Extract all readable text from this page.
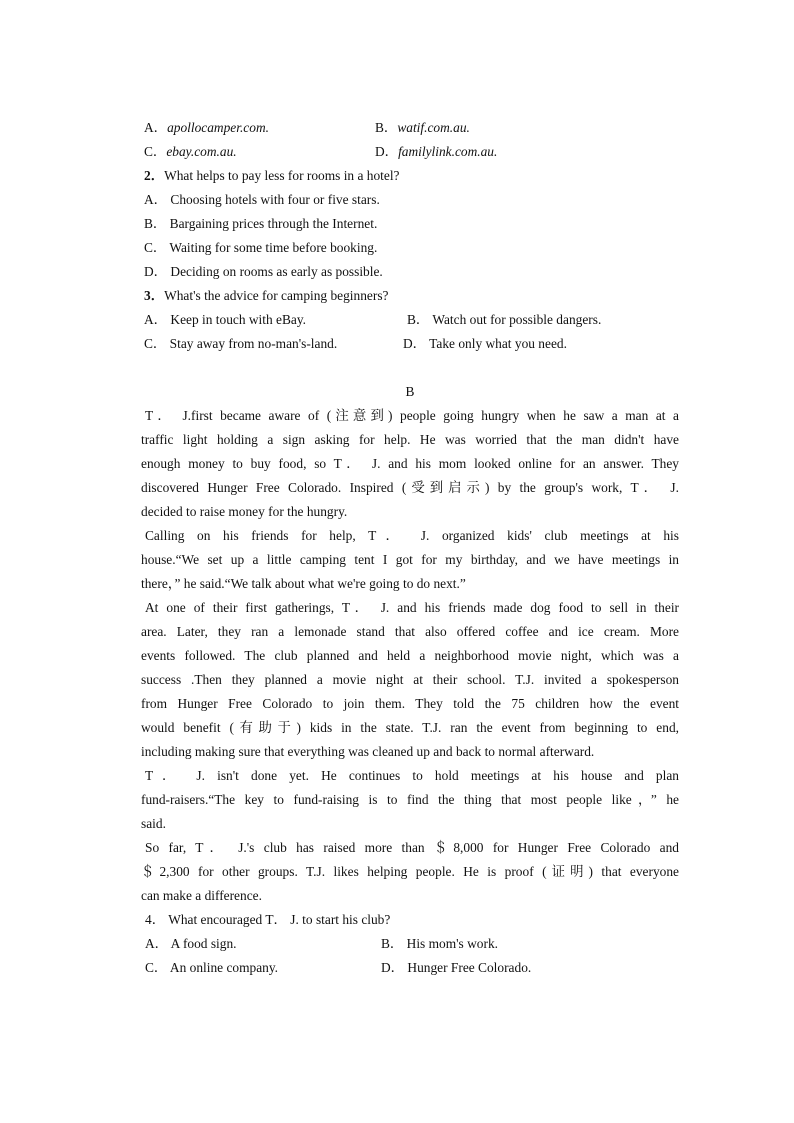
A．apollocamper.com.	B．watif.com.au.
C．ebay.com.au.	D．familylink.com.au.
2．What helps to pay less for rooms in a hotel?
A． Choosing hotels with four or five stars.
B． Bargaining prices through the Internet.
C． Waiting for some time before booking.
D． Deciding on rooms as early as possible.
3．What's the advice for camping beginners?
A． Keep in touch with eBay.	B． Watch out for possible dangers.
C． Stay away from no-man's-land.	D． Take only what you need.
B
T． J.first became aware of (注意到) people going hungry when he saw a man at a
traffic light holding a sign asking for help. He was worried that the man didn't have
enough money to buy food, so T． J. and his mom looked online for an answer. They
discovered Hunger Free Colorado. Inspired (受到启示) by the group's work, T． J.
decided to raise money for the hungry.
Calling on his friends for help, T． J. organized kids' club meetings at his
house.“We set up a little camping tent I got for my birthday, and we have meetings in
there，” he said.“We talk about what we're going to do next.”
At one of their first gatherings, T． J. and his friends made dog food to sell in their
area. Later, they ran a lemonade stand that also offered coffee and ice cream. More
events followed. The club planned and held a neighborhood movie night, which was a
success .Then they planned a movie night at their school. T.J. invited a spokesperson
from Hunger Free Colorado to join them. They told the 75 children how the event
would benefit (有助于) kids in the state. T.J. ran the event from beginning to end,
including making sure that everything was cleaned up and back to normal afterward.
T． J. isn't done yet. He continues to hold meetings at his house and plan
fund-raisers.“The key to fund-raising is to find the thing that most people like，” he
said.
So far, T． J.'s club has raised more than ＄8,000 for Hunger Free Colorado and
＄2,300 for other groups. T.J. likes helping people. He is proof (证明) that everyone
can make a difference.
4． What encouraged T． J. to start his club?
A． A food sign.	B． His mom's work.
C． An online company.	D． Hunger Free Colorado.
